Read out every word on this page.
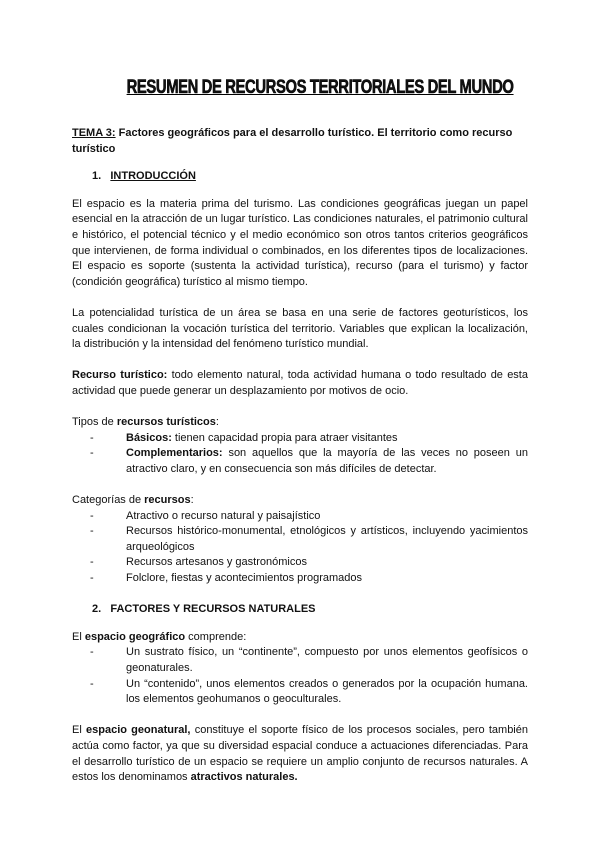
RESUMEN DE RECURSOS TERRITORIALES DEL MUNDO
TEMA 3: Factores geográficos para el desarrollo turístico. El territorio como recurso turístico
1. INTRODUCCIÓN
El espacio es la materia prima del turismo. Las condiciones geográficas juegan un papel esencial en la atracción de un lugar turístico. Las condiciones naturales, el patrimonio cultural e histórico, el potencial técnico y el medio económico son otros tantos criterios geográficos que intervienen, de forma individual o combinados, en los diferentes tipos de localizaciones. El espacio es soporte (sustenta la actividad turística), recurso (para el turismo) y factor (condición geográfica) turístico al mismo tiempo.
La potencialidad turística de un área se basa en una serie de factores geoturísticos, los cuales condicionan la vocación turística del territorio. Variables que explican la localización, la distribución y la intensidad del fenómeno turístico mundial.
Recurso turístico: todo elemento natural, toda actividad humana o todo resultado de esta actividad que puede generar un desplazamiento por motivos de ocio.
Tipos de recursos turísticos:
- Básicos: tienen capacidad propia para atraer visitantes
- Complementarios: son aquellos que la mayoría de las veces no poseen un atractivo claro, y en consecuencia son más difíciles de detectar.
Categorías de recursos:
- Atractivo o recurso natural y paisajístico
- Recursos histórico-monumental, etnológicos y artísticos, incluyendo yacimientos arqueológicos
- Recursos artesanos y gastronómicos
- Folclore, fiestas y acontecimientos programados
2. FACTORES Y RECURSOS NATURALES
El espacio geográfico comprende:
- Un sustrato físico, un “continente”, compuesto por unos elementos geofísicos o geonaturales.
- Un “contenido”, unos elementos creados o generados por la ocupación humana. los elementos geohumanos o geoculturales.
El espacio geonatural, constituye el soporte físico de los procesos sociales, pero también actúa como factor, ya que su diversidad espacial conduce a actuaciones diferenciadas. Para el desarrollo turístico de un espacio se requiere un amplio conjunto de recursos naturales. A estos los denominamos atractivos naturales.
